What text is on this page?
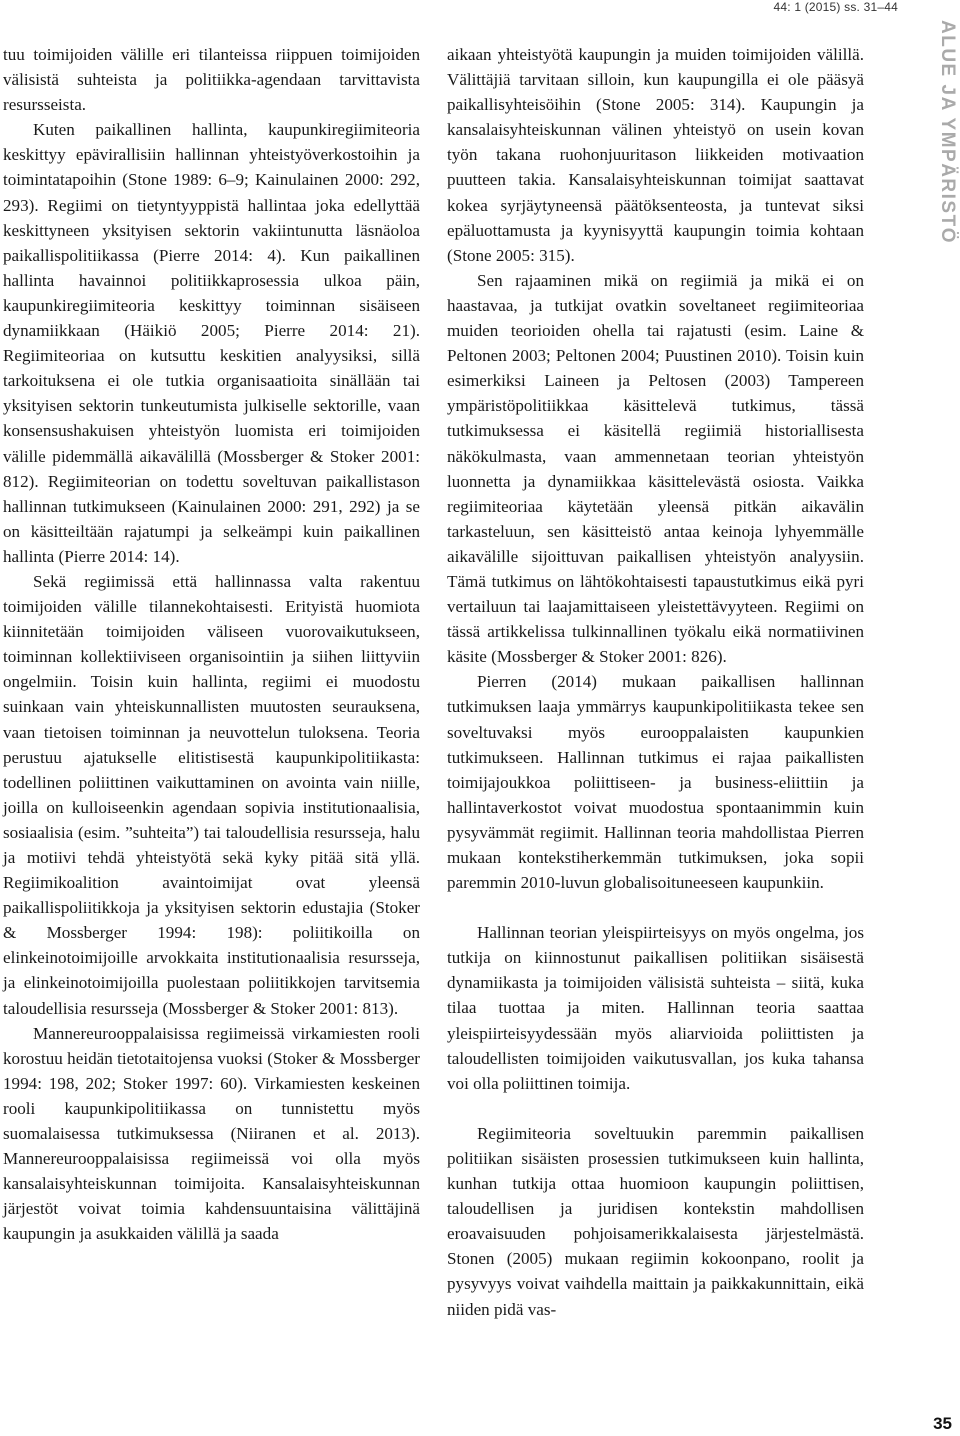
44: 1 (2015) ss. 31–44
ALUE JA YMPÄRISTÖ

tuu toimijoiden välille eri tilanteissa riippuen toimijoiden välisistä suhteista ja politiikka-agendaan tarvittavista resursseista.

Kuten paikallinen hallinta, kaupunkiregiimiteoria keskittyy epävirallisiin hallinnan yhteistyöverkostoihin ja toimintatapoihin (Stone 1989: 6–9; Kainulainen 2000: 292, 293). Regiimi on tietyntyyppistä hallintaa joka edellyttää keskittyneen yksityisen sektorin vakiintunutta läsnäoloa paikallispolitiikassa (Pierre 2014: 4). Kun paikallinen hallinta havainnoi politiikkaprosessia ulkoa päin, kaupunkiregiimiteoria keskittyy toiminnan sisäiseen dynamiikkaan (Häikiö 2005; Pierre 2014: 21). Regiimiteoriaa on kutsuttu keskitien analyysiksi, sillä tarkoituksena ei ole tutkia organisaatioita sinällään tai yksityisen sektorin tunkeutumista julkiselle sektorille, vaan konsensushakuisen yhteistyön luomista eri toimijoiden välille pidemmällä aikavälillä (Mossberger & Stoker 2001: 812). Regiimiteorian on todettu soveltuvan paikallistason hallinnan tutkimukseen (Kainulainen 2000: 291, 292) ja se on käsitteiltään rajatumpi ja selkeämpi kuin paikallinen hallinta (Pierre 2014: 14).

Sekä regiimissä että hallinnassa valta rakentuu toimijoiden välille tilannekohtaisesti. Erityistä huomiota kiinnitetään toimijoiden väliseen vuorovaikutukseen, toiminnan kollektiiviseen organisointiin ja siihen liittyviin ongelmiin. Toisin kuin hallinta, regiimi ei muodostu suinkaan vain yhteiskunnallisten muutosten seurauksena, vaan tietoisen toiminnan ja neuvottelun tuloksena. Teoria perustuu ajatukselle elitistisestä kaupunkipolitiikasta: todellinen poliittinen vaikuttaminen on avointa vain niille, joilla on kulloiseenkin agendaan sopivia institutionaalisia, sosiaalisia (esim. ”suhteita”) tai taloudellisia resursseja, halu ja motiivi tehdä yhteistyötä sekä kyky pitää sitä yllä. Regiimikoalition avaintoimijat ovat yleensä paikallispoliitikkoja ja yksityisen sektorin edustajia (Stoker & Mossberger 1994: 198): poliitikoilla on elinkeinotoimijoille arvokkaita institutionaalisia resursseja, ja elinkeinotoimijoilla puolestaan poliitikkojen tarvitsemia taloudellisia resursseja (Mossberger & Stoker 2001: 813).

Mannereurooppalaisissa regiimeissä virkamiesten rooli korostuu heidän tietotaitojensa vuoksi (Stoker & Mossberger 1994: 198, 202; Stoker 1997: 60). Virkamiesten keskeinen rooli kaupunkipolitiikassa on tunnistettu myös suomalaisessa tutkimuksessa (Niiranen et al. 2013). Mannereurooppalaisissa regiimeissä voi olla myös kansalaisyhteiskunnan toimijoita. Kansalaisyhteiskunnan järjestöt voivat toimia kahdensuuntaisina välittäjinä kaupungin ja asukkaiden välillä ja saada

aikaan yhteistyötä kaupungin ja muiden toimijoiden välillä. Välittäjiä tarvitaan silloin, kun kaupungilla ei ole pääsyä paikallisyhteisöihin (Stone 2005: 314). Kaupungin ja kansalaisyhteiskunnan välinen yhteistyö on usein kovan työn takana ruohonjuuritason liikkeiden motivaation puutteen takia. Kansalaisyhteiskunnan toimijat saattavat kokea syrjäytyneensä päätöksenteosta, ja tuntevat siksi epäluottamusta ja kyynisyyttä kaupungin toimia kohtaan (Stone 2005: 315).

Sen rajaaminen mikä on regiimiä ja mikä ei on haastavaa, ja tutkijat ovatkin soveltaneet regiimiteoriaa muiden teorioiden ohella tai rajatusti (esim. Laine & Peltonen 2003; Peltonen 2004; Puustinen 2010). Toisin kuin esimerkiksi Laineen ja Peltosen (2003) Tampereen ympäristöpolitiikkaa käsittelevä tutkimus, tässä tutkimuksessa ei käsitellä regiimiä historiallisesta näkökulmasta, vaan ammennetaan teorian yhteistyön luonnetta ja dynamiikkaa käsittelevästä osiosta. Vaikka regiimiteoriaa käytetään yleensä pitkän aikavälin tarkasteluun, sen käsitteistö antaa keinoja lyhyemmälle aikavälille sijoittuvan paikallisen yhteistyön analyysiin. Tämä tutkimus on lähtökohtaisesti tapaustutkimus eikä pyri vertailuun tai laajamittaiseen yleistettävyyteen. Regiimi on tässä artikkelissa tulkinnallinen työkalu eikä normatiivinen käsite (Mossberger & Stoker 2001: 826).

Pierren (2014) mukaan paikallisen hallinnan tutkimuksen laaja ymmärrys kaupunkipolitiikasta tekee sen soveltuvaksi myös eurooppalaisten kaupunkien tutkimukseen. Hallinnan tutkimus ei rajaa paikallisten toimijajoukkoa poliittiseen- ja business-eliittiin ja hallintaverkostot voivat muodostua spontaanimmin kuin pysyvämmät regiimit. Hallinnan teoria mahdollistaa Pierren mukaan kontekstiherkemmän tutkimuksen, joka sopii paremmin 2010-luvun globalisoituneeseen kaupunkiin.

Hallinnan teorian yleispiirteisyys on myös ongelma, jos tutkija on kiinnostunut paikallisen politiikan sisäisestä dynamiikasta ja toimijoiden välisistä suhteista – siitä, kuka tilaa tuottaa ja miten. Hallinnan teoria saattaa yleispiirteisyydessään myös aliarvioida poliittisten ja taloudellisten toimijoiden vaikutusvallan, jos kuka tahansa voi olla poliittinen toimija.

Regiimiteoria soveltuukin paremmin paikallisen politiikan sisäisten prosessien tutkimukseen kuin hallinta, kunhan tutkija ottaa huomioon kaupungin poliittisen, taloudellisen ja juridisen kontekstin mahdollisen eroavaisuuden pohjoisamerikkalaisesta järjestelmästä. Stonen (2005) mukaan regiimin kokoonpano, roolit ja pysyvyys voivat vaihdella maittain ja paikkakunnittain, eikä niiden pidä vas-

35
